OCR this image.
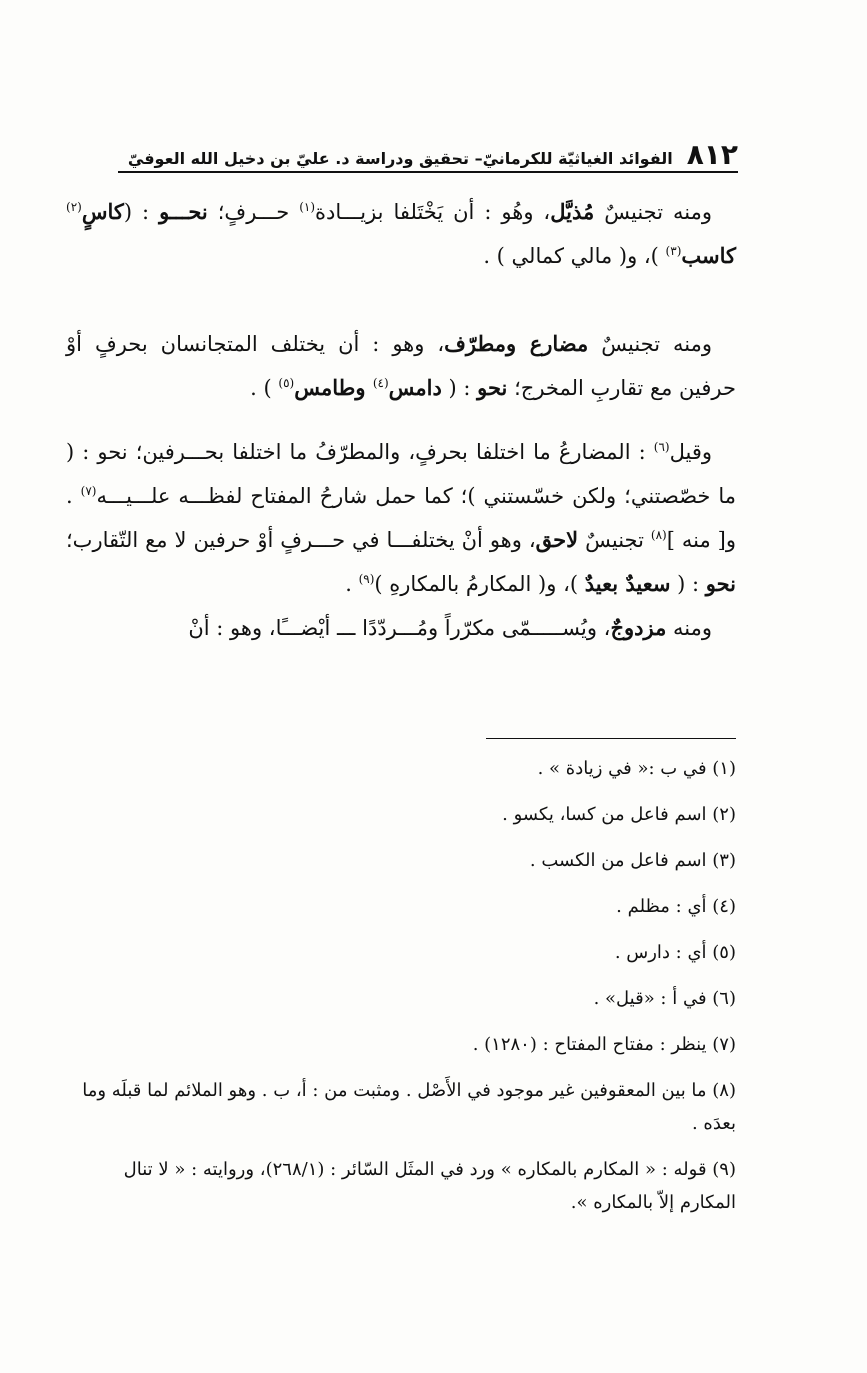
٨١٢
الفوائد الغياثيّة للكرمانيّ– تحقيق ودراسة د. عليّ بن دخيل الله العوفيّ

ومنه تجنيسٌ مُذيَّل، وهُو : أن يَخْتَلفا بزيـــادة$^{(١)}$ حـــرفٍ؛ نحـــو : (كاسٍ$^{(٢)}$ كاسب$^{(٣)}$ )، و( مالي كمالي ) .

ومنه تجنيسٌ مضارع ومطرّف، وهو : أن يختلف المتجانسان بحرفٍ أوْ حرفين مع تقاربِ المخرج؛ نحو : ( دامس$^{(٤)}$ وطامس$^{(٥)}$ ) .

وقيل$^{(٦)}$ : المضارعُ ما اختلفا بحرفٍ، والمطرّفُ ما اختلفا بحـــرفين؛ نحو : ( ما خصّصتني؛ ولكن خسّستني )؛ كما حمل شارحُ المفتاح لفظـــه علـــيـــه$^{(٧)}$ . و[ منه ]$^{(٨)}$ تجنيسٌ لاحق، وهو أنْ يختلفـــا في حـــرفٍ أوْ حرفين لا مع التّقارب؛ نحو : ( سعيدٌ بعيدٌ )، و( المكارمُ بالمكارهِ )$^{(٩)}$ .

ومنه مزدوجٌ، ويُســـــمّى مكرّراً ومُـــردّدًا ـــ أيْضـــًا، وهو : أنْ

(١) في ب :« في زيادة » .

(٢) اسم فاعل من كسا، يكسو .

(٣) اسم فاعل من الكسب .

(٤) أي : مظلم .

(٥) أي : دارس .

(٦) في أ : «قيل» .

(٧) ينظر : مفتاح المفتاح : (١٢٨٠) .

(٨) ما بين المعقوفين غير موجود في الأَصْل . ومثبت من : أ، ب . وهو الملائم لما قبلَه وما بعدَه .

(٩) قوله : « المكارم بالمكاره » ورد في المثَل السّائر : (٢٦٨/١)، وروايته : « لا تنال المكارم إلاّ بالمكاره ».
